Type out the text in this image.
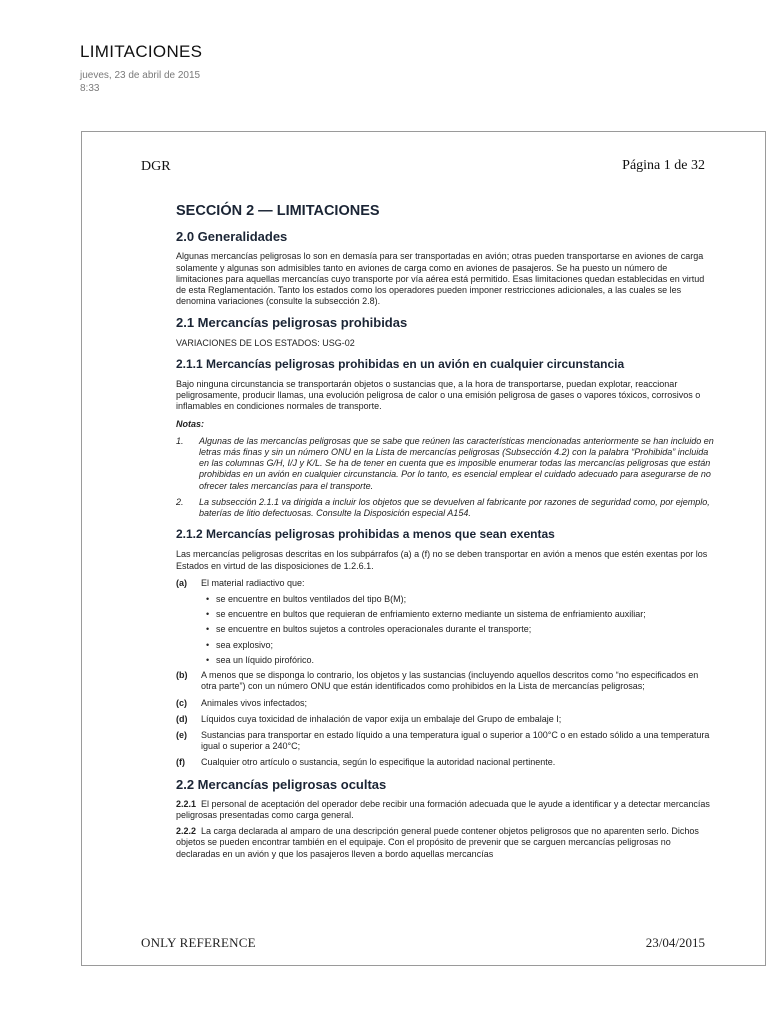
LIMITACIONES
jueves, 23 de abril de 2015
8:33
DGR	Página 1 de 32
SECCIÓN 2 — LIMITACIONES
2.0 Generalidades

Algunas mercancías peligrosas lo son en demasía para ser transportadas en avión; otras pueden transportarse en aviones de carga solamente y algunas son admisibles tanto en aviones de carga como en aviones de pasajeros. Se ha puesto un número de limitaciones para aquellas mercancías cuyo transporte por vía aérea está permitido. Esas limitaciones quedan establecidas en virtud de esta Reglamentación. Tanto los estados como los operadores pueden imponer restricciones adicionales, a las cuales se les denomina variaciones (consulte la subsección 2.8).

2.1 Mercancías peligrosas prohibidas

VARIACIONES DE LOS ESTADOS: USG-02

2.1.1 Mercancías peligrosas prohibidas en un avión en cualquier circunstancia

Bajo ninguna circunstancia se transportarán objetos o sustancias que, a la hora de transportarse, puedan explotar, reaccionar peligrosamente, producir llamas, una evolución peligrosa de calor o una emisión peligrosa de gases o vapores tóxicos, corrosivos o inflamables en condiciones normales de transporte.

Notas:
1.	Algunas de las mercancías peligrosas que se sabe que reúnen las características mencionadas anteriormente se han incluido en letras más finas y sin un número ONU en la Lista de mercancías peligrosas (Subsección 4.2) con la palabra “Prohibida” incluida en las columnas G/H, I/J y K/L. Se ha de tener en cuenta que es imposible enumerar todas las mercancías peligrosas que están prohibidas en un avión en cualquier circunstancia. Por lo tanto, es esencial emplear el cuidado adecuado para asegurarse de no ofrecer tales mercancías para el transporte.
2.	La subsección 2.1.1 va dirigida a incluir los objetos que se devuelven al fabricante por razones de seguridad como, por ejemplo, baterías de litio defectuosas. Consulte la Disposición especial A154.
2.1.2 Mercancías peligrosas prohibidas a menos que sean exentas

Las mercancías peligrosas descritas en los subpárrafos (a) a (f) no se deben transportar en avión a menos que estén exentas por los Estados en virtud de las disposiciones de 1.2.6.1.

(a)	El material radiactivo que:
• se encuentre en bultos ventilados del tipo B(M);
• se encuentre en bultos que requieran de enfriamiento externo mediante un sistema de enfriamiento auxiliar;
• se encuentre en bultos sujetos a controles operacionales durante el transporte;
• sea explosivo;
• sea un líquido pirofórico.
(b)	A menos que se disponga lo contrario, los objetos y las sustancias (incluyendo aquellos descritos como “no especificados en otra parte”) con un número ONU que están identificados como prohibidos en la Lista de mercancías peligrosas;
(c)	Animales vivos infectados;
(d)	Líquidos cuya toxicidad de inhalación de vapor exija un embalaje del Grupo de embalaje I;
(e)	Sustancias para transportar en estado líquido a una temperatura igual o superior a 100°C o en estado sólido a una temperatura igual o superior a 240°C;
(f)	Cualquier otro artículo o sustancia, según lo especifique la autoridad nacional pertinente.
2.2 Mercancías peligrosas ocultas

2.2.1 El personal de aceptación del operador debe recibir una formación adecuada que le ayude a identificar y a detectar mercancías peligrosas presentadas como carga general.

2.2.2 La carga declarada al amparo de una descripción general puede contener objetos peligrosos que no aparenten serlo. Dichos objetos se pueden encontrar también en el equipaje. Con el propósito de prevenir que se carguen mercancías peligrosas no declaradas en un avión y que los pasajeros lleven a bordo aquellas mercancías

ONLY REFERENCE	23/04/2015
